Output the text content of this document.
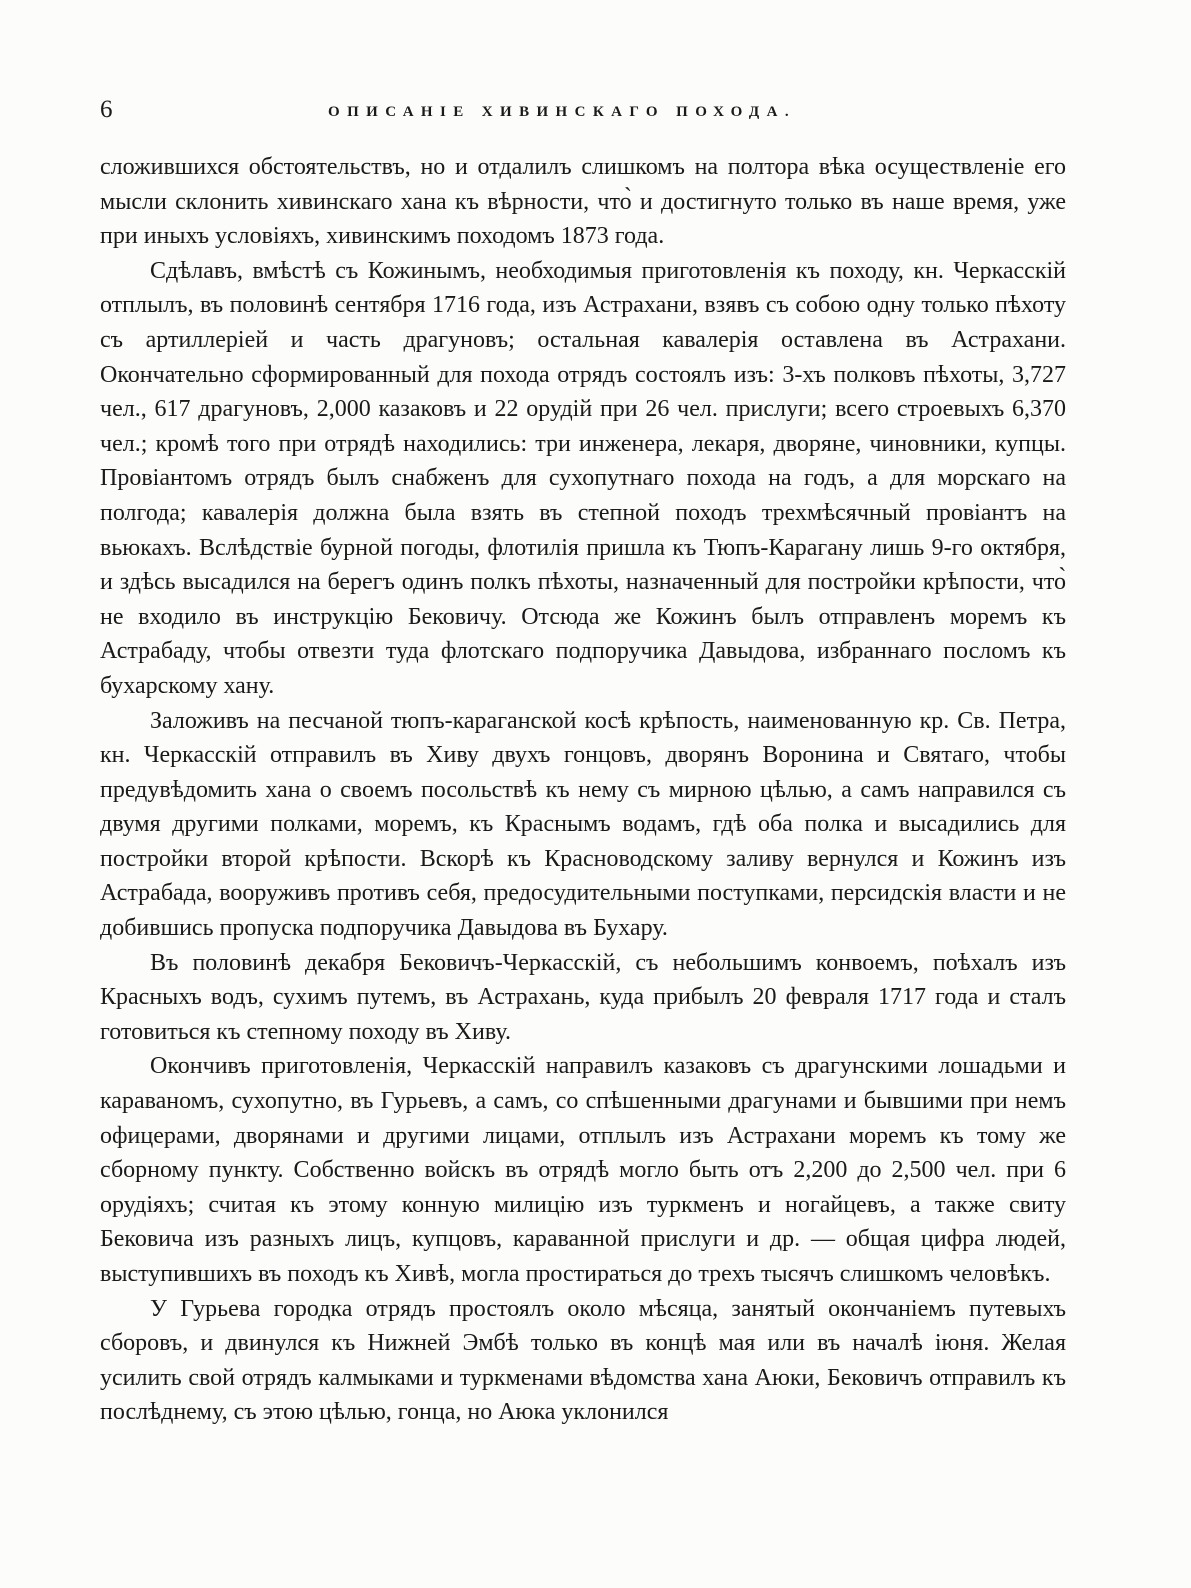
6	ОПИСАНІЕ ХИВИНСКАГО ПОХОДА.

сложившихся обстоятельствъ, но и отдалилъ слишкомъ на полтора вѣка осуществленіе его мысли склонить хивинскаго хана къ вѣрности, что̀ и достигнуто только въ наше время, уже при иныхъ условіяхъ, хивинскимъ походомъ 1873 года.

Сдѣлавъ, вмѣстѣ съ Кожинымъ, необходимыя приготовленія къ походу, кн. Черкасскій отплылъ, въ половинѣ сентября 1716 года, изъ Астрахани, взявъ съ собою одну только пѣхоту съ артиллеріей и часть драгуновъ; остальная кавалерія оставлена въ Астрахани. Окончательно сформированный для похода отрядъ состоялъ изъ: 3-хъ полковъ пѣхоты, 3,727 чел., 617 драгуновъ, 2,000 казаковъ и 22 орудій при 26 чел. прислуги; всего строевыхъ 6,370 чел.; кромѣ того при отрядѣ находились: три инженера, лекаря, дворяне, чиновники, купцы. Провіантомъ отрядъ былъ снабженъ для сухопутнаго похода на годъ, а для морскаго на полгода; кавалерія должна была взять въ степной походъ трехмѣсячный провіантъ на вьюкахъ. Вслѣдствіе бурной погоды, флотилія пришла къ Тюпъ-Карагану лишь 9-го октября, и здѣсь высадился на берегъ одинъ полкъ пѣхоты, назначенный для постройки крѣпости, что̀ не входило въ инструкцію Бековичу. Отсюда же Кожинъ былъ отправленъ моремъ къ Астрабаду, чтобы отвезти туда флотскаго подпоручика Давыдова, избраннаго посломъ къ бухарскому хану.

Заложивъ на песчаной тюпъ-караганской косѣ крѣпость, наименованную кр. Св. Петра, кн. Черкасскій отправилъ въ Хиву двухъ гонцовъ, дворянъ Воронина и Святаго, чтобы предувѣдомить хана о своемъ посольствѣ къ нему съ мирною цѣлью, а самъ направился съ двумя другими полками, моремъ, къ Краснымъ водамъ, гдѣ оба полка и высадились для постройки второй крѣпости. Вскорѣ къ Красноводскому заливу вернулся и Кожинъ изъ Астрабада, вооруживъ противъ себя, предосудительными поступками, персидскія власти и не добившись пропуска подпоручика Давыдова въ Бухару.

Въ половинѣ декабря Бековичъ-Черкасскій, съ небольшимъ конвоемъ, поѣхалъ изъ Красныхъ водъ, сухимъ путемъ, въ Астрахань, куда прибылъ 20 февраля 1717 года и сталъ готовиться къ степному походу въ Хиву.

Окончивъ приготовленія, Черкасскій направилъ казаковъ съ драгунскими лошадьми и караваномъ, сухопутно, въ Гурьевъ, а самъ, со спѣшенными драгунами и бывшими при немъ офицерами, дворянами и другими лицами, отплылъ изъ Астрахани моремъ къ тому же сборному пункту. Собственно войскъ въ отрядѣ могло быть отъ 2,200 до 2,500 чел. при 6 орудіяхъ; считая къ этому конную милицію изъ туркменъ и ногайцевъ, а также свиту Бековича изъ разныхъ лицъ, купцовъ, караванной прислуги и др. — общая цифра людей, выступившихъ въ походъ къ Хивѣ, могла простираться до трехъ тысячъ слишкомъ человѣкъ.

У Гурьева городка отрядъ простоялъ около мѣсяца, занятый окончаніемъ путевыхъ сборовъ, и двинулся къ Нижней Эмбѣ только въ концѣ мая или въ началѣ іюня. Желая усилить свой отрядъ калмыками и туркменами вѣдомства хана Аюки, Бековичъ отправилъ къ послѣднему, съ этою цѣлью, гонца, но Аюка уклонился
